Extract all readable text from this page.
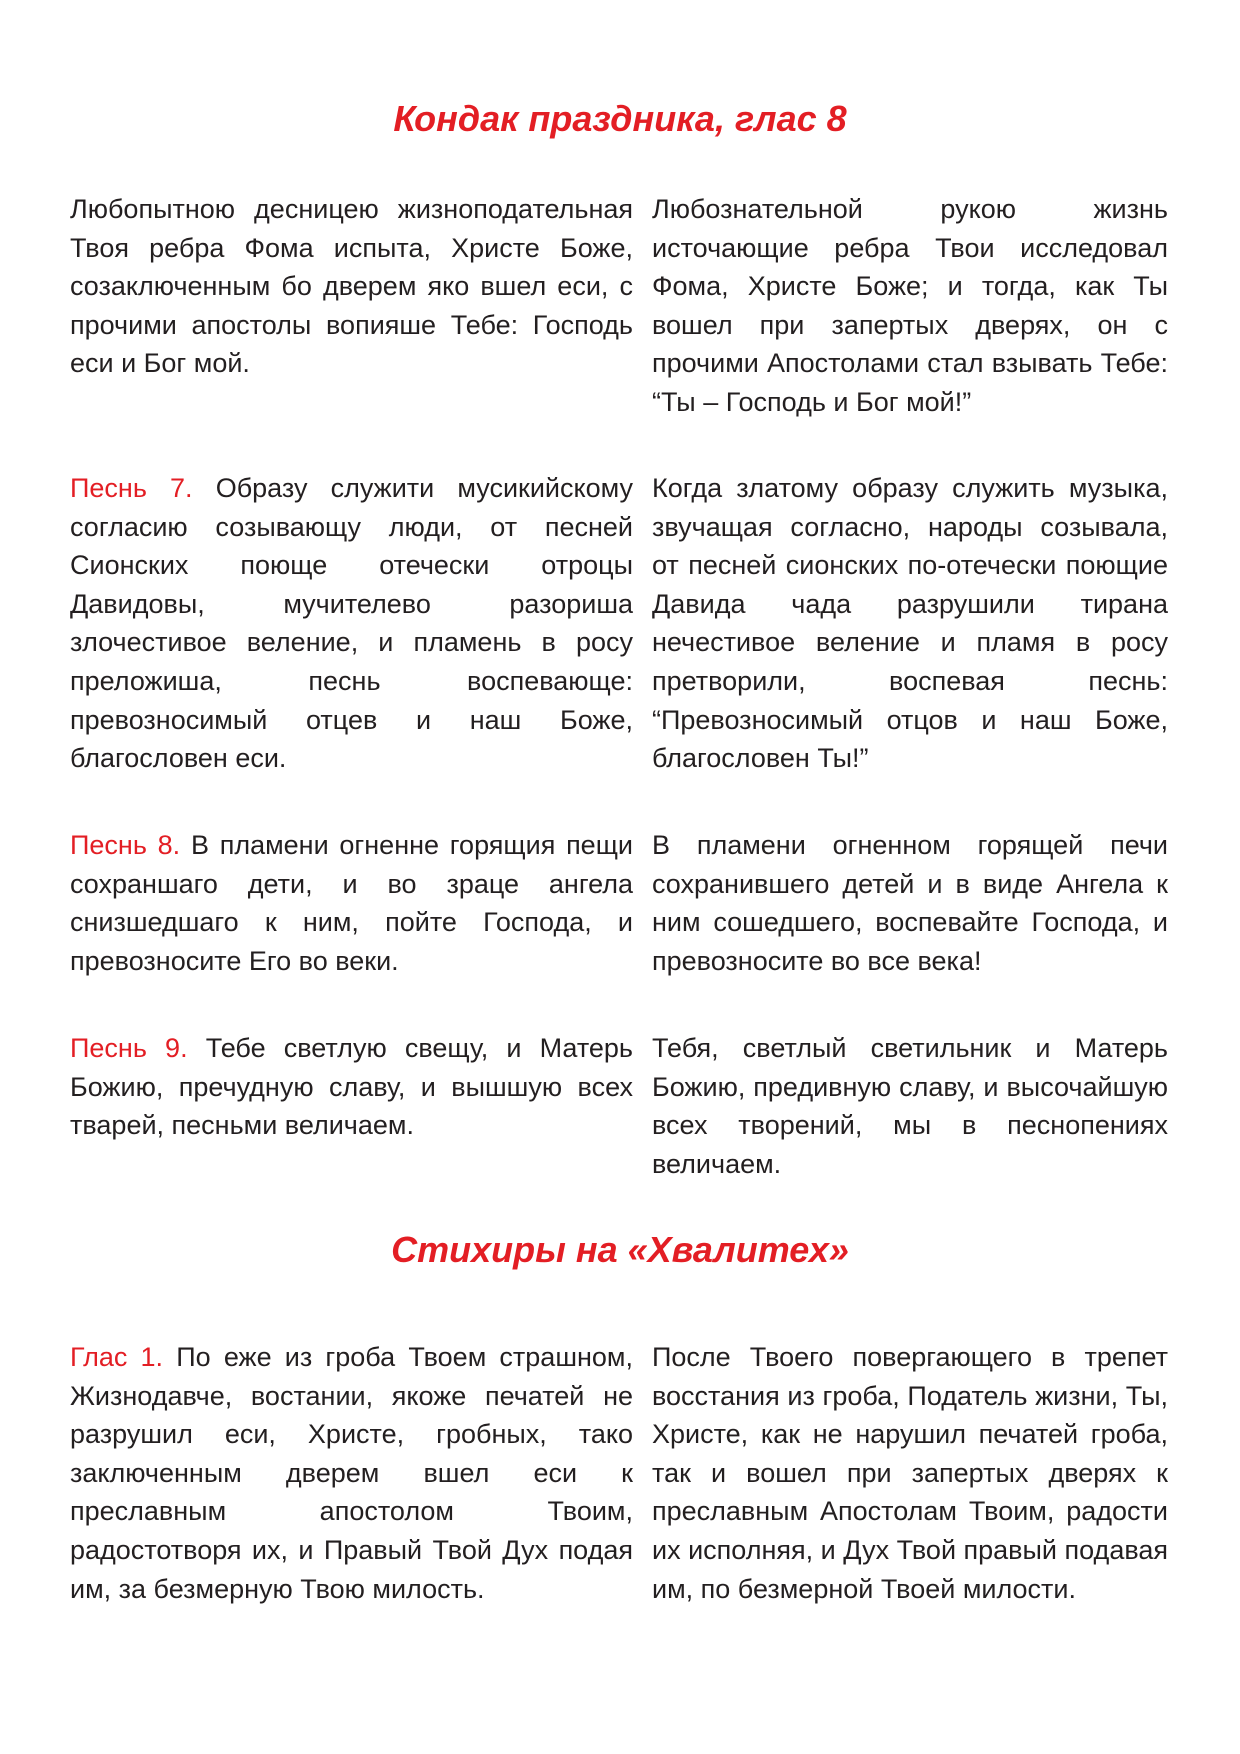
Кондак праздника, глас 8

Любопытною десницею жизноподательная Твоя ребра Фома испыта, Христе Боже, созаключенным бо дверем яко вшел еси, с прочими апостолы вопияше Тебе: Господь еси и Бог мой.

Любознательной рукою жизнь источающие ребра Твои исследовал Фома, Христе Боже; и тогда, как Ты вошел при запертых дверях, он с прочими Апостолами стал взывать Тебе: “Ты – Господь и Бог мой!”

Песнь 7. Образу служити мусикийскому согласию созывающу люди, от песней Сионских поюще отечески отроцы Давидовы, мучителево разориша злочестивое веление, и пламень в росу преложиша, песнь воспевающе: превозносимый отцев и наш Боже, благословен еси.

Когда златому образу служить музыка, звучащая согласно, народы созывала, от песней сионских по-отечески поющие Давида чада разрушили тирана нечестивое веление и пламя в росу претворили, воспевая песнь: “Превозносимый отцов и наш Боже, благословен Ты!”

Песнь 8. В пламени огненне горящия пещи сохраншаго дети, и во зраце ангела снизшедшаго к ним, пойте Господа, и превозносите Его во веки.

В пламени огненном горящей печи сохранившего детей и в виде Ангела к ним сошедшего, воспевайте Господа, и превозносите во все века!

Песнь 9. Тебе светлую свещу, и Матерь Божию, пречудную славу, и вышшую всех тварей, песньми величаем.

Тебя, светлый светильник и Матерь Божию, предивную славу, и высочайшую всех творений, мы в песнопениях величаем.

Стихиры на «Хвалитех»

Глас 1. По еже из гроба Твоем страшном, Жизнодавче, востании, якоже печатей не разрушил еси, Христе, гробных, тако заключенным дверем вшел еси к преславным апостолом Твоим, радостотворя их, и Правый Твой Дух подая им, за безмерную Твою милость.

После Твоего повергающего в трепет восстания из гроба, Податель жизни, Ты, Христе, как не нарушил печатей гроба, так и вошел при запертых дверях к преславным Апостолам Твоим, радости их исполняя, и Дух Твой правый подавая им, по безмерной Твоей милости.
